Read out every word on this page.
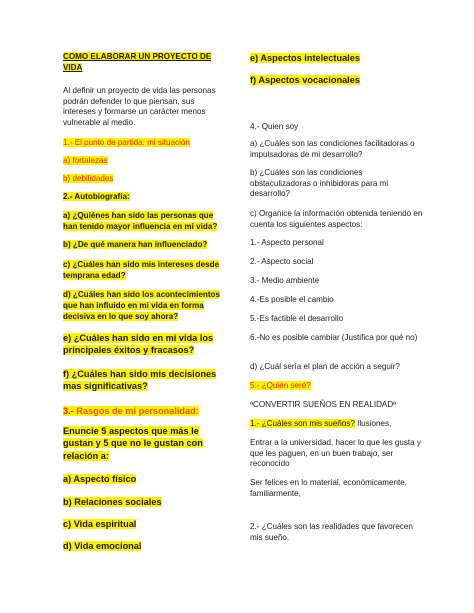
COMO ELABORAR UN PROYECTO DE VIDA

Al definir un proyecto de vida las personas podrán defender lo que piensan, sus intereses y formarse un carácter menos vulnerable al medio.

1.- El punto de partida: mi situación

a) fortalezas

b) debilidades

2.- Autobiografía:

a) ¿Quiénes han sido las personas que han tenido mayor influencia en mi vida?

b) ¿De qué manera han influenciado?

c) ¿Cuáles han sido mis intereses desde temprana edad?

d) ¿Cuáles han sido los acontecimientos que han influido en mi vida en forma decisiva en lo que soy ahora?

e) ¿Cuáles han sido en mi vida los principales éxitos y fracasos?

f) ¿Cuáles han sido mis decisiones mas significativas?

3.- Rasgos de mi personalidad:

Enuncie 5 aspectos que más le gustan y 5 que no le gustan con relación a:

a) Aspecto físico

b) Relaciones sociales

c) Vida espiritual

d) Vida emocional

e) Aspectos intelectuales

f) Aspectos vocacionales

4.- Quien soy

a) ¿Cuáles son las condiciones facilitadoras o impulsadoras de mi desarrollo?

b) ¿Cuáles son las condiciones obstaculizadoras o inhibidoras para mi desarrollo?

c) Organice la información obtenida teniendo en cuenta los siguientes aspectos:

1.- Aspecto personal

2.- Aspecto social

3.- Medio ambiente

4.-Es posible el cambio

5.-Es factible el desarrollo

6.-No es posible cambiar (Justifica por qué no)

d) ¿Cuál sería el plan de acción a seguir?

5.- ¿Quién seré?

ªCONVERTIR SUEÑOS EN REALIDADª

1.- ¿Cuáles son mis sueños? Ilusiones,

Entrar a la universidad, hacer lo que les gusta y que les paguen, en un buen trabajo, ser reconocido

Ser felices en lo material, económicamente, familiarmente,

2.- ¿Cuáles son las realidades que favorecen mis sueño.
